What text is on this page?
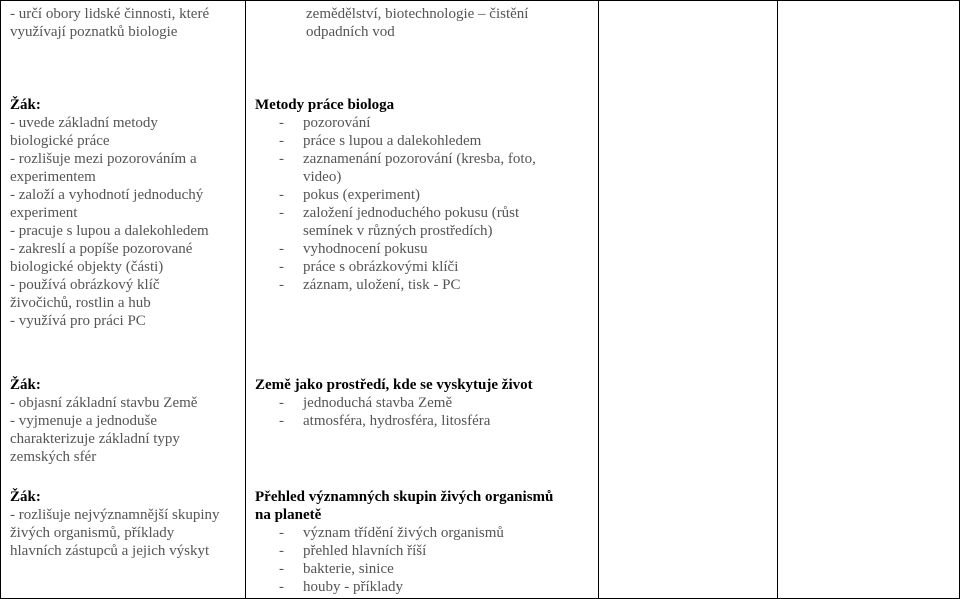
- určí obory lidské činnosti, které

využívají poznatků biologie

zemědělství, biotechnologie – čistění

odpadních vod

Žák:

- uvede základní metody

biologické práce

- rozlišuje mezi pozorováním a

experimentem

- založí a vyhodnotí jednoduchý

experiment

- pracuje s lupou a dalekohledem

- zakreslí a popíše pozorované

biologické objekty (části)

- používá obrázkový klíč

živočichů, rostlin a hub

- využívá pro práci PC

Metody práce biologa

- pozorování

- práce s lupou a dalekohledem

- zaznamenání pozorování (kresba, foto,

video)

- pokus (experiment)

- založení jednoduchého pokusu (růst

semínek v různých prostředích)

- vyhodnocení pokusu

- práce s obrázkovými klíči

- záznam, uložení, tisk - PC

Žák:

- objasní základní stavbu Země

- vyjmenuje a jednoduše

charakterizuje základní typy

zemských sfér

Žák:

- rozlišuje nejvýznamnější skupiny

živých organismů, příklady

hlavních zástupců a jejich výskyt

Země jako prostředí, kde se vyskytuje život

- jednoduchá stavba Země

- atmosféra, hydrosféra, litosféra

Přehled významných skupin živých organismů

na planetě

- význam třídění živých organismů

- přehled hlavních říší

- bakterie, sinice

- houby - příklady
